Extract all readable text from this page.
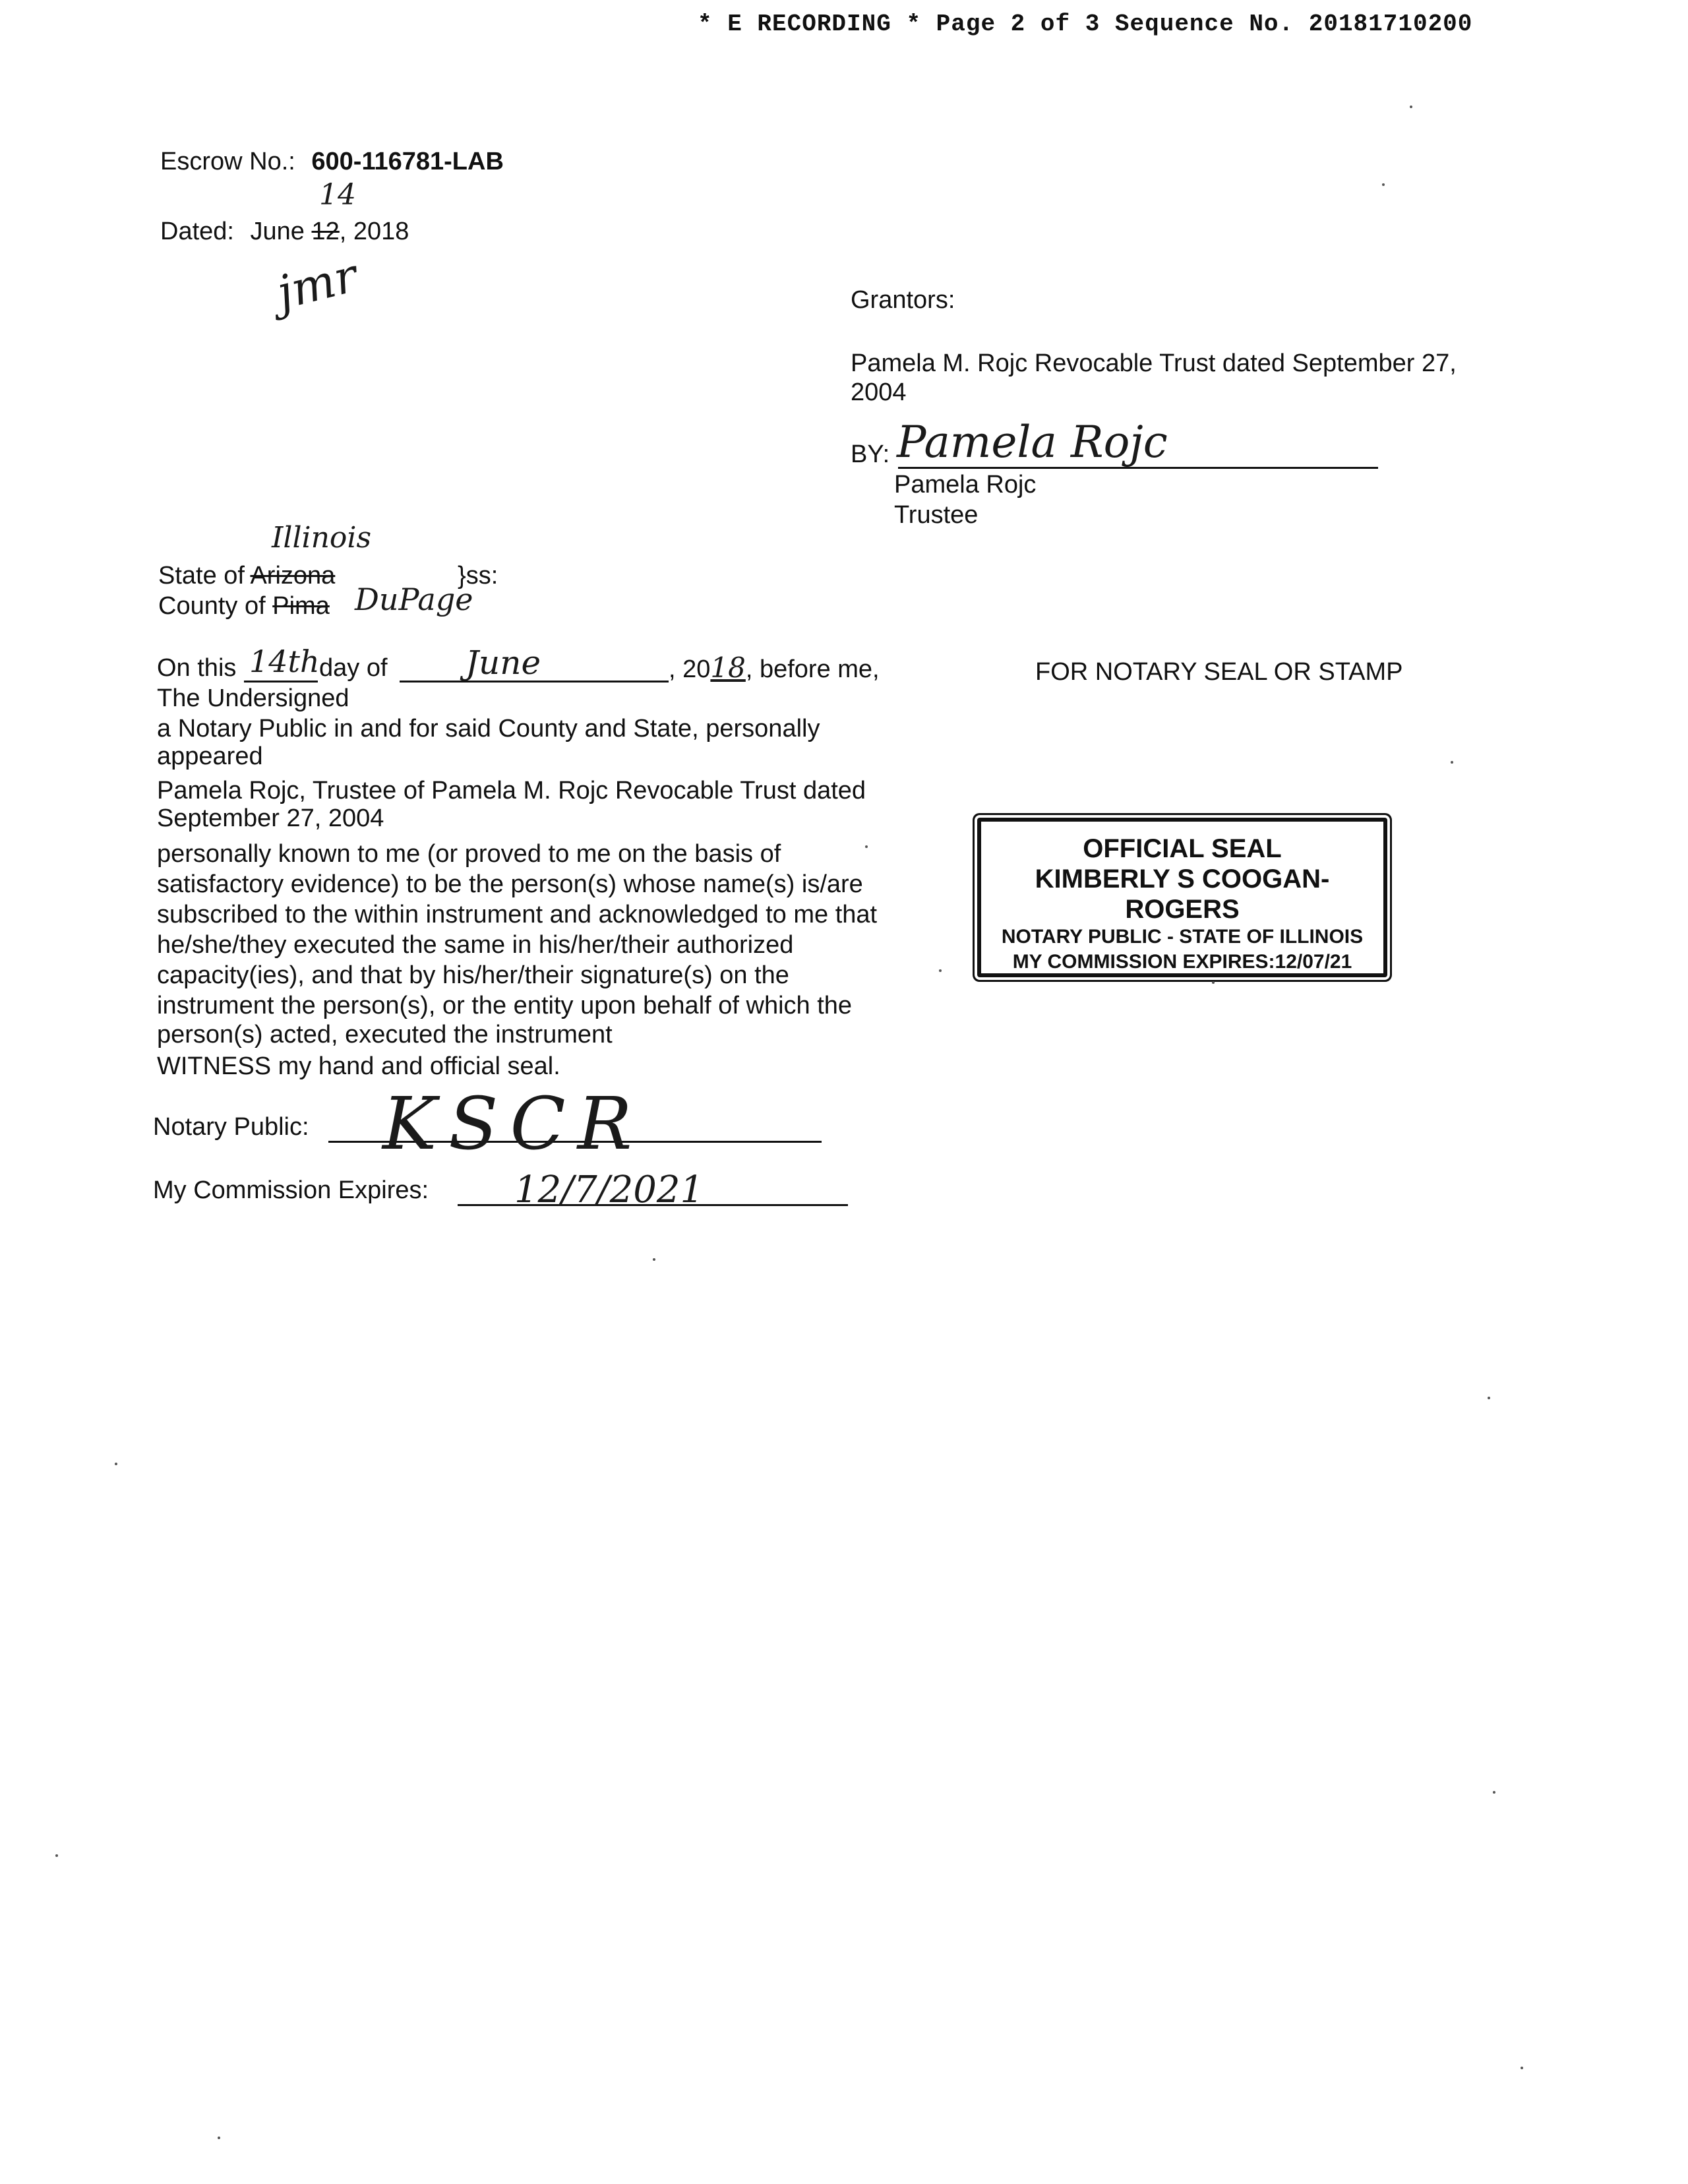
* E RECORDING * Page 2 of 3 Sequence No. 20181710200
Escrow No.: 600-116781-LAB
14
Dated: June 12, 2018
jmr	Grantors:
Pamela M. Rojc Revocable Trust dated September 27,
2004
BY: Pamela Rojc
Pamela Rojc
Trustee
Illinois
State of Arizona	}ss:
County of Pima DuPage
On this 14th day of June	, 2018, before me,
The Undersigned
a Notary Public in and for said County and State, personally
appeared
Pamela Rojc, Trustee of Pamela M. Rojc Revocable Trust dated
September 27, 2004
personally known to me (or proved to me on the basis of
satisfactory evidence) to be the person(s) whose name(s) is/are
subscribed to the within instrument and acknowledged to me that
he/she/they executed the same in his/her/their authorized
capacity(ies), and that by his/her/their signature(s) on the
instrument the person(s), or the entity upon behalf of which the
person(s) acted, executed the instrument
WITNESS my hand and official seal.
Notary Public: KSCR
My Commission Expires: 12/7/2021
FOR NOTARY SEAL OR STAMP
OFFICIAL SEAL
KIMBERLY S COOGAN-ROGERS
NOTARY PUBLIC - STATE OF ILLINOIS
MY COMMISSION EXPIRES:12/07/21
